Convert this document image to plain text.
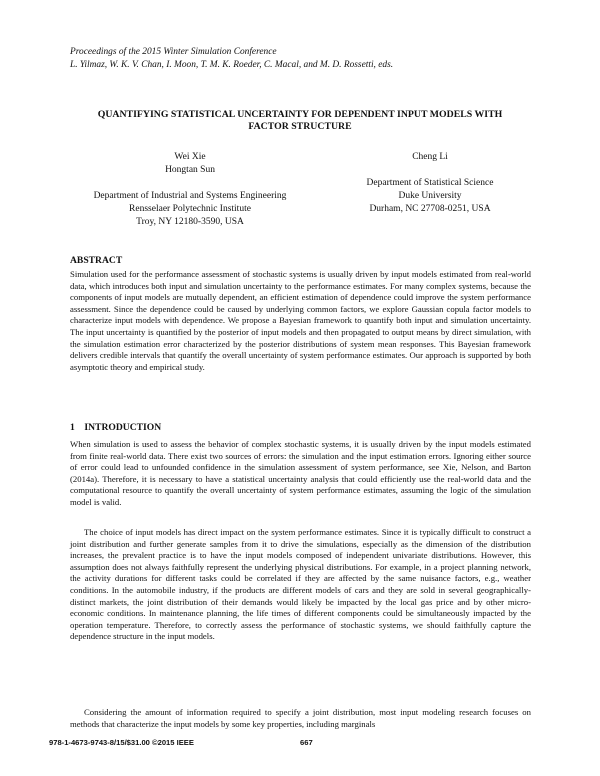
Proceedings of the 2015 Winter Simulation Conference
L. Yilmaz, W. K. V. Chan, I. Moon, T. M. K. Roeder, C. Macal, and M. D. Rossetti, eds.
QUANTIFYING STATISTICAL UNCERTAINTY FOR DEPENDENT INPUT MODELS WITH
FACTOR STRUCTURE
Wei Xie
Hongtan Sun
Department of Industrial and Systems Engineering
Rensselaer Polytechnic Institute
Troy, NY 12180-3590, USA
Cheng Li
Department of Statistical Science
Duke University
Durham, NC 27708-0251, USA
ABSTRACT
Simulation used for the performance assessment of stochastic systems is usually driven by input models estimated from real-world data, which introduces both input and simulation uncertainty to the performance estimates. For many complex systems, because the components of input models are mutually dependent, an efficient estimation of dependence could improve the system performance assessment. Since the dependence could be caused by underlying common factors, we explore Gaussian copula factor models to characterize input models with dependence. We propose a Bayesian framework to quantify both input and simulation uncertainty. The input uncertainty is quantified by the posterior of input models and then propagated to output means by direct simulation, with the simulation estimation error characterized by the posterior distributions of system mean responses. This Bayesian framework delivers credible intervals that quantify the overall uncertainty of system performance estimates. Our approach is supported by both asymptotic theory and empirical study.
1 INTRODUCTION
When simulation is used to assess the behavior of complex stochastic systems, it is usually driven by the input models estimated from finite real-world data. There exist two sources of errors: the simulation and the input estimation errors. Ignoring either source of error could lead to unfounded confidence in the simulation assessment of system performance, see Xie, Nelson, and Barton (2014a). Therefore, it is necessary to have a statistical uncertainty analysis that could efficiently use the real-world data and the computational resource to quantify the overall uncertainty of system performance estimates, assuming the logic of the simulation model is valid.
The choice of input models has direct impact on the system performance estimates. Since it is typically difficult to construct a joint distribution and further generate samples from it to drive the simulations, especially as the dimension of the distribution increases, the prevalent practice is to have the input models composed of independent univariate distributions. However, this assumption does not always faithfully represent the underlying physical distributions. For example, in a project planning network, the activity durations for different tasks could be correlated if they are affected by the same nuisance factors, e.g., weather conditions. In the automobile industry, if the products are different models of cars and they are sold in several geographically-distinct markets, the joint distribution of their demands would likely be impacted by the local gas price and by other micro-economic conditions. In maintenance planning, the life times of different components could be simultaneously impacted by the operation temperature. Therefore, to correctly assess the performance of stochastic systems, we should faithfully capture the dependence structure in the input models.
Considering the amount of information required to specify a joint distribution, most input modeling research focuses on methods that characterize the input models by some key properties, including marginals
978-1-4673-9743-8/15/$31.00 ©2015 IEEE	667
